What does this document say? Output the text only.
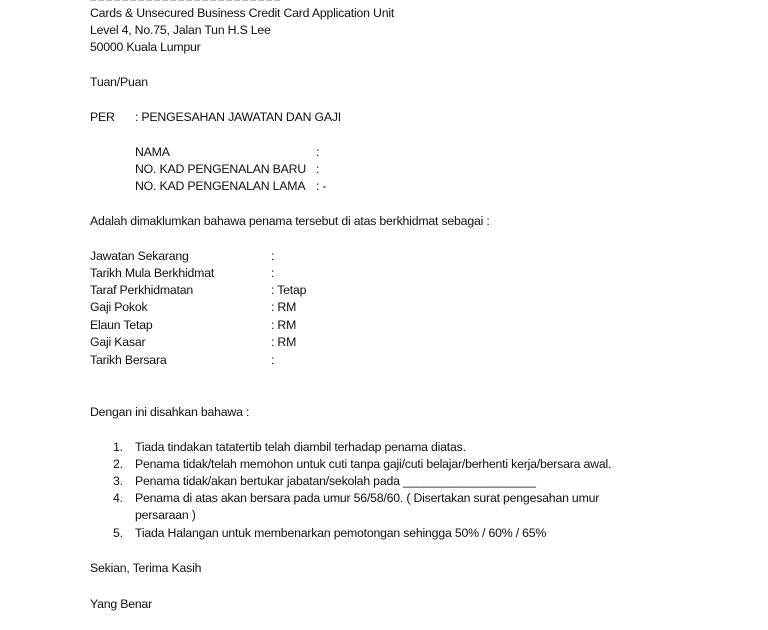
Cards & Unsecured Business Credit Card Application Unit
Level 4, No.75, Jalan Tun H.S Lee
50000 Kuala Lumpur
Tuan/Puan
PER : PENGESAHAN JAWATAN DAN GAJI
NAMA	:
NO. KAD PENGENALAN BARU :
NO. KAD PENGENALAN LAMA : -
Adalah dimaklumkan bahawa penama tersebut di atas berkhidmat sebagai :
Jawatan Sekarang	:
Tarikh Mula Berkhidmat	:
Taraf Perkhidmatan	: Tetap
Gaji Pokok	: RM
Elaun Tetap	: RM
Gaji Kasar	: RM
Tarikh Bersara	:
Dengan ini disahkan bahawa :
1. Tiada tindakan tatatertib telah diambil terhadap penama diatas.
2. Penama tidak/telah memohon untuk cuti tanpa gaji/cuti belajar/berhenti kerja/bersara awal.
3. Penama tidak/akan bertukar jabatan/sekolah pada ____________________
4. Penama di atas akan bersara pada umur 56/58/60. ( Disertakan surat pengesahan umur
persaraan )
5. Tiada Halangan untuk membenarkan pemotongan sehingga 50% / 60% / 65%
Sekian, Terima Kasih
Yang Benar
